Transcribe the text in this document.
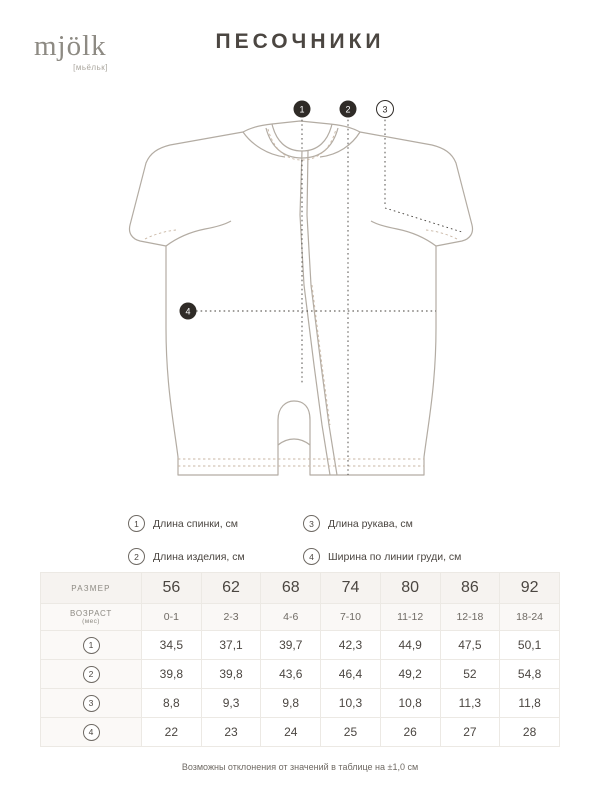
mjölk
[мьёльк]
ПЕСОЧНИКИ
1	2	3
4
1	Длина спинки, см	3	Длина рукава, см
2	Длина изделия, см	4	Ширина по линии груди, см
РАЗМЕР	56	62	68	74	80	86	92
ВОЗРАСТ
(мес)	0-1	2-3	4-6	7-10	11-12	12-18	18-24

1	34,5	37,1	39,7	42,3	44,9	47,5	50,1

2	39,8	39,8	43,6	46,4	49,2	52	54,8

3	8,8	9,3	9,8	10,3	10,8	11,3	11,8

4	22	23	24	25	26	27	28
Возможны отклонения от значений в таблице на ±1,0 см
